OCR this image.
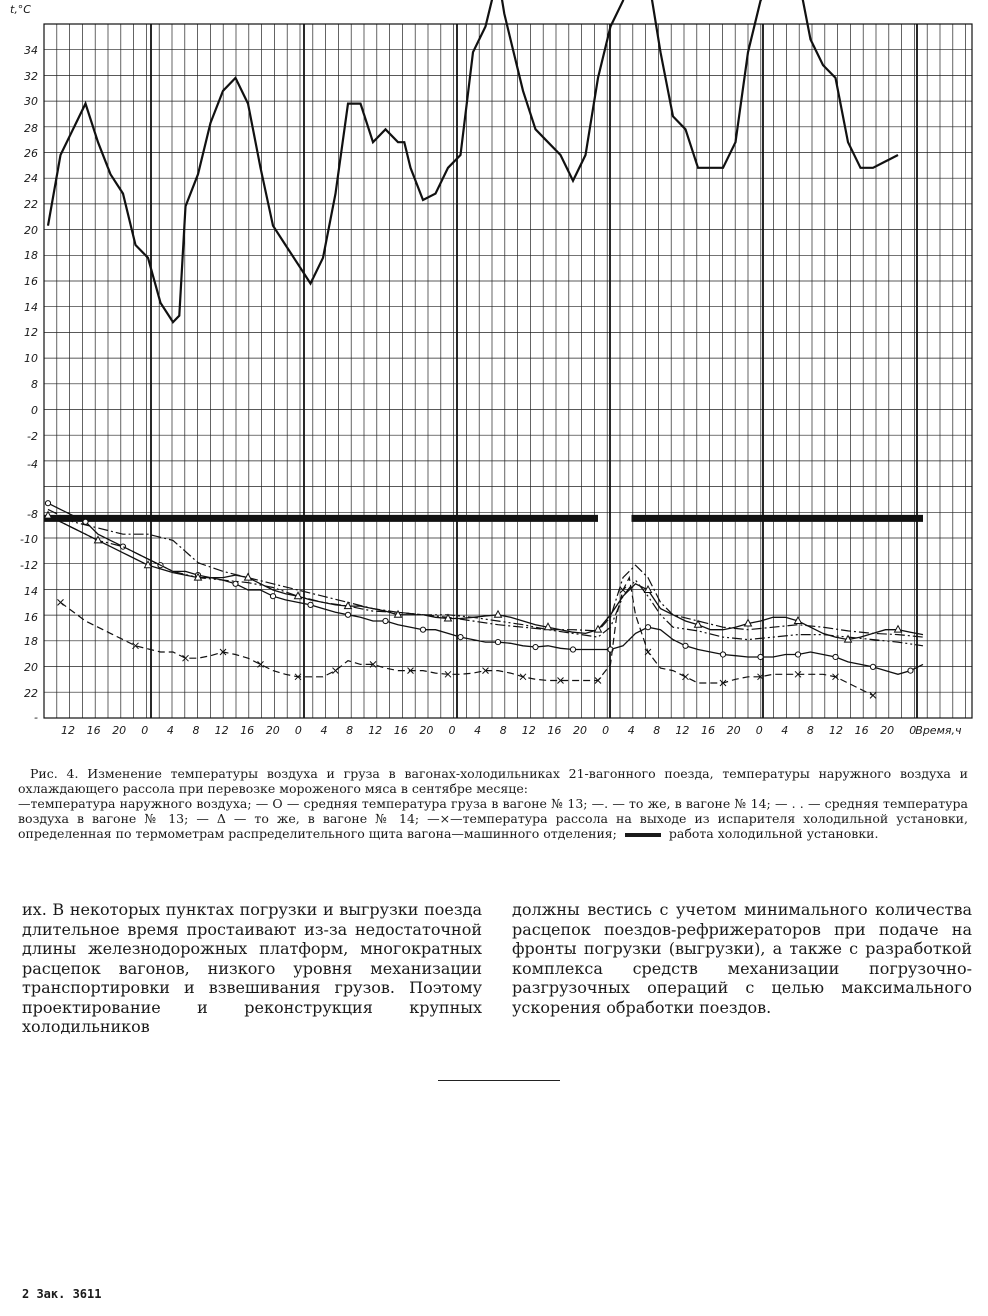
34
32
30
28
26
24
22
20
18
16
14
12
10
8
0
-2
-4
-8
-10
-12
14
16
18
20
22
-
12 16 20 0 4 8 12 16 20 0 4 8 12 16 20 0 4 8 12 16 20 0 4 8 12 16 20 0 4 8 12 16 20 0
Время,ч
t,°C
Рис. 4. Изменение температуры воздуха и груза в вагонах-холодильниках 21-вагонного поезда, температуры наружного воздуха и охлаждающего рассола при перевозке мороженого мяса в сентябре месяце:
—температура наружного воздуха; — O — средняя температура груза в вагоне № 13; —. — то же, в вагоне № 14; — . . — средняя температура воздуха в вагоне № 13; — Δ — то же, в вагоне № 14; —×—температура рассола на выходе из испарителя холодильной установки, определенная по термометрам распределительного щита вагона—машинного отделения;	работа холодильной установки.
их. В некоторых пунктах погрузки и выгрузки поезда длительное время простаивают из-за недостаточной длины железнодорожных платформ, многократных расцепок вагонов, низкого уровня механизации транспортировки и взвешивания грузов. Поэтому проектирование и реконструкция крупных холодильников
должны вестись с учетом минимального количества расцепок поездов-рефрижераторов при подаче на фронты погрузки (выгрузки), а также с разработкой комплекса средств механизации погрузочно-разгрузочных операций с целью максимального ускорения обработки поездов.
2 Зак. 3611
